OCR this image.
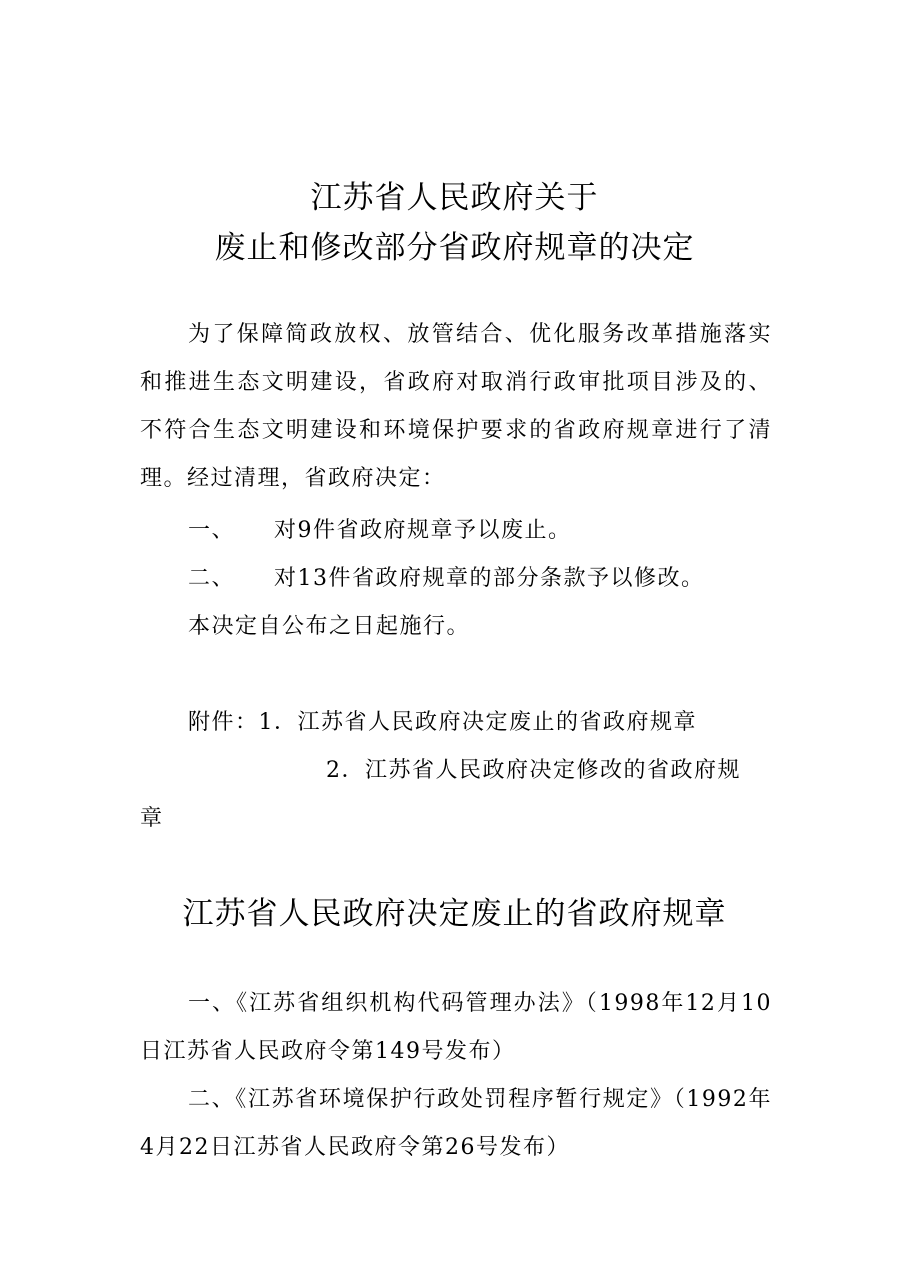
江苏省人民政府关于
废止和修改部分省政府规章的决定
为了保障简政放权、放管结合、优化服务改革措施落实和推进生态文明建设，省政府对取消行政审批项目涉及的、不符合生态文明建设和环境保护要求的省政府规章进行了清理。经过清理，省政府决定：
一、 对9件省政府规章予以废止。
二、 对13件省政府规章的部分条款予以修改。
本决定自公布之日起施行。
附件：1．江苏省人民政府决定废止的省政府规章
2．江苏省人民政府决定修改的省政府规
章
江苏省人民政府决定废止的省政府规章
一、《江苏省组织机构代码管理办法》（1998年12月10日江苏省人民政府令第149号发布）
二、《江苏省环境保护行政处罚程序暂行规定》（1992年4月22日江苏省人民政府令第26号发布）
